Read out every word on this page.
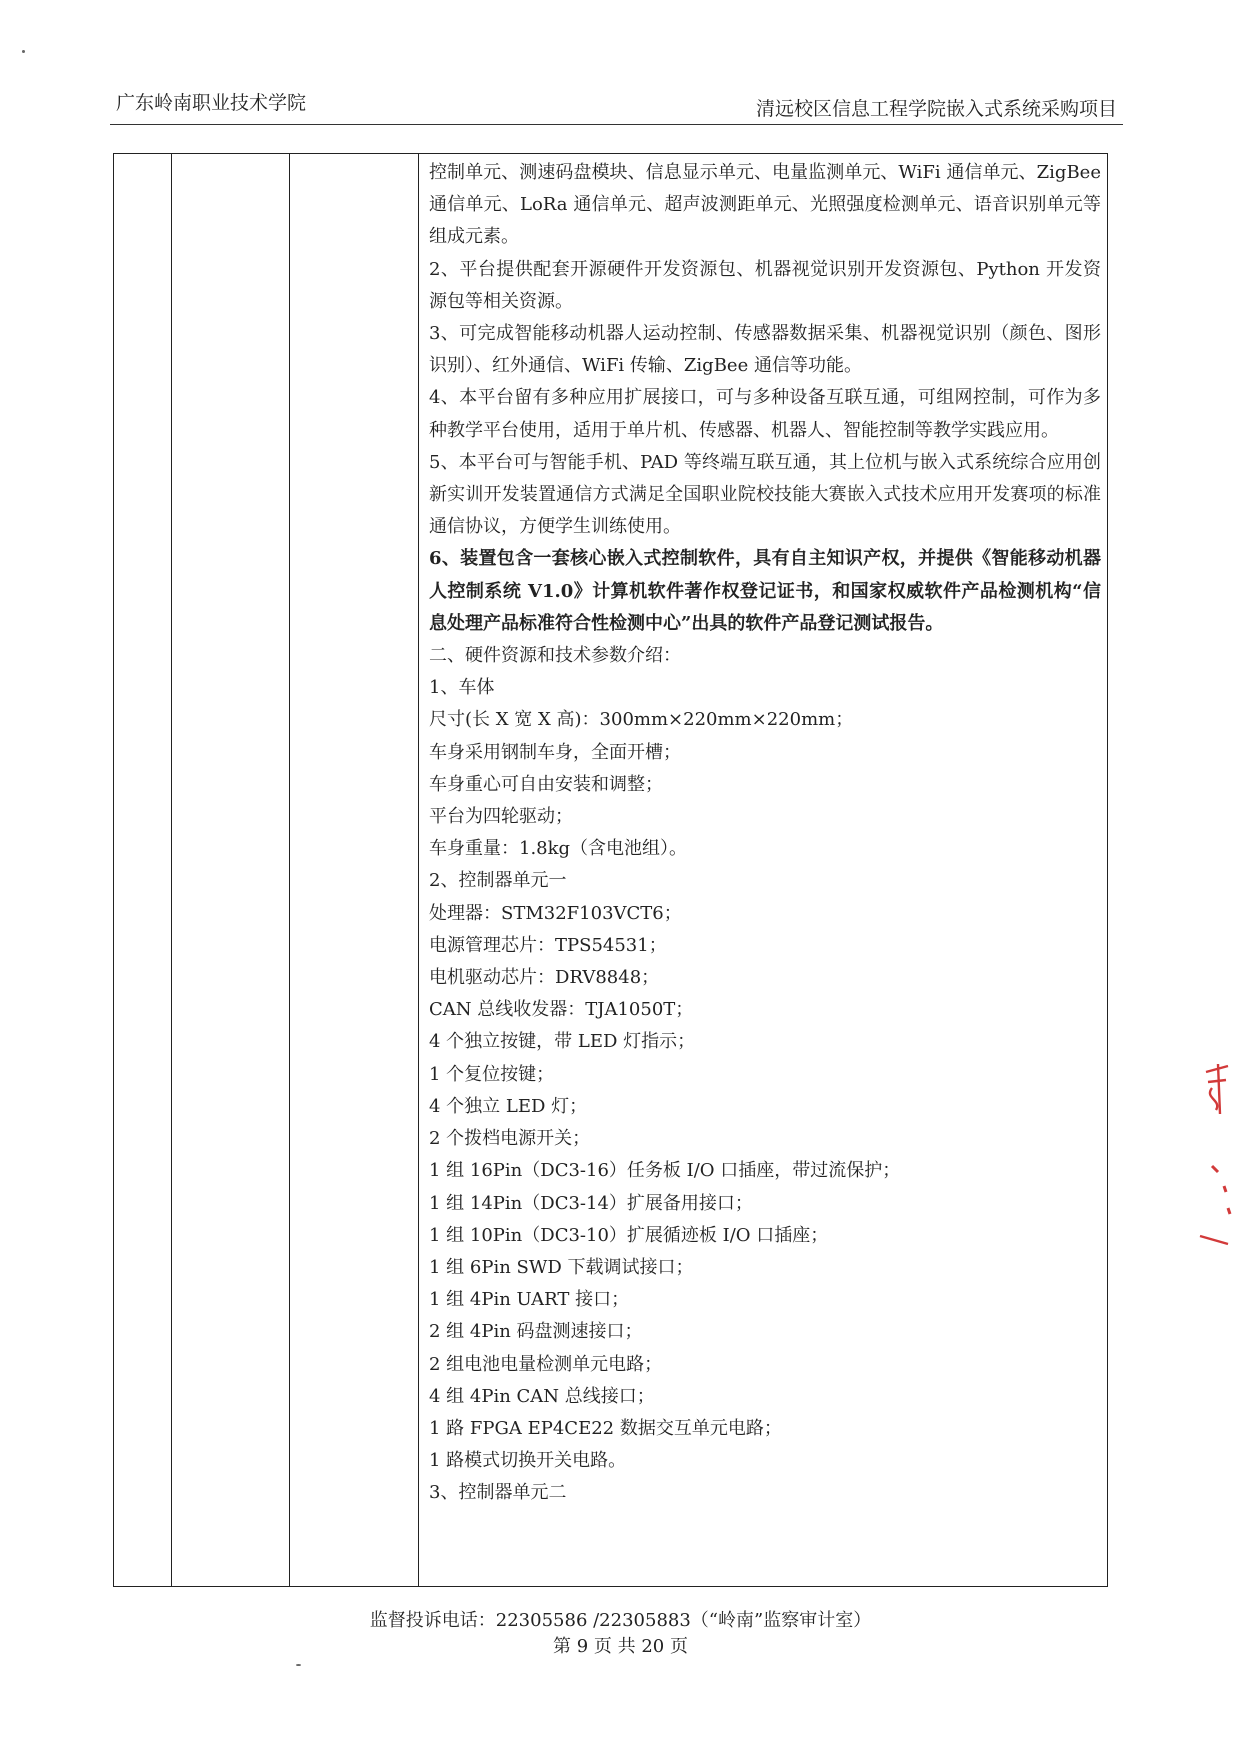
广东岭南职业技术学院	清远校区信息工程学院嵌入式系统采购项目

控制单元、测速码盘模块、信息显示单元、电量监测单元、WiFi 通信单元、ZigBee 通信单元、LoRa 通信单元、超声波测距单元、光照强度检测单元、语音识别单元等组成元素。

2、平台提供配套开源硬件开发资源包、机器视觉识别开发资源包、Python 开发资源包等相关资源。

3、可完成智能移动机器人运动控制、传感器数据采集、机器视觉识别（颜色、图形识别）、红外通信、WiFi 传输、ZigBee 通信等功能。

4、本平台留有多种应用扩展接口，可与多种设备互联互通，可组网控制，可作为多种教学平台使用，适用于单片机、传感器、机器人、智能控制等教学实践应用。

5、本平台可与智能手机、PAD 等终端互联互通，其上位机与嵌入式系统综合应用创新实训开发装置通信方式满足全国职业院校技能大赛嵌入式技术应用开发赛项的标准通信协议，方便学生训练使用。

6、装置包含一套核心嵌入式控制软件，具有自主知识产权，并提供《智能移动机器人控制系统 V1.0》计算机软件著作权登记证书，和国家权威软件产品检测机构“信息处理产品标准符合性检测中心”出具的软件产品登记测试报告。

二、硬件资源和技术参数介绍：

1、车体

尺寸(长 X 宽 X 高)：300mm×220mm×220mm；

车身采用钢制车身，全面开槽；

车身重心可自由安装和调整；

平台为四轮驱动；

车身重量：1.8kg（含电池组）。

2、控制器单元一

处理器：STM32F103VCT6；

电源管理芯片：TPS54531；

电机驱动芯片：DRV8848；

CAN 总线收发器：TJA1050T；

4 个独立按键，带 LED 灯指示；

1 个复位按键；

4 个独立 LED 灯；

2 个拨档电源开关；

1 组 16Pin（DC3-16）任务板 I/O 口插座，带过流保护；

1 组 14Pin（DC3-14）扩展备用接口；

1 组 10Pin（DC3-10）扩展循迹板 I/O 口插座；

1 组 6Pin SWD 下载调试接口；

1 组 4Pin UART 接口；

2 组 4Pin 码盘测速接口；

2 组电池电量检测单元电路；

4 组 4Pin CAN 总线接口；

1 路 FPGA EP4CE22 数据交互单元电路；

1 路模式切换开关电路。

3、控制器单元二

监督投诉电话：22305586 /22305883（“岭南”监察审计室）
第 9 页 共 20 页
